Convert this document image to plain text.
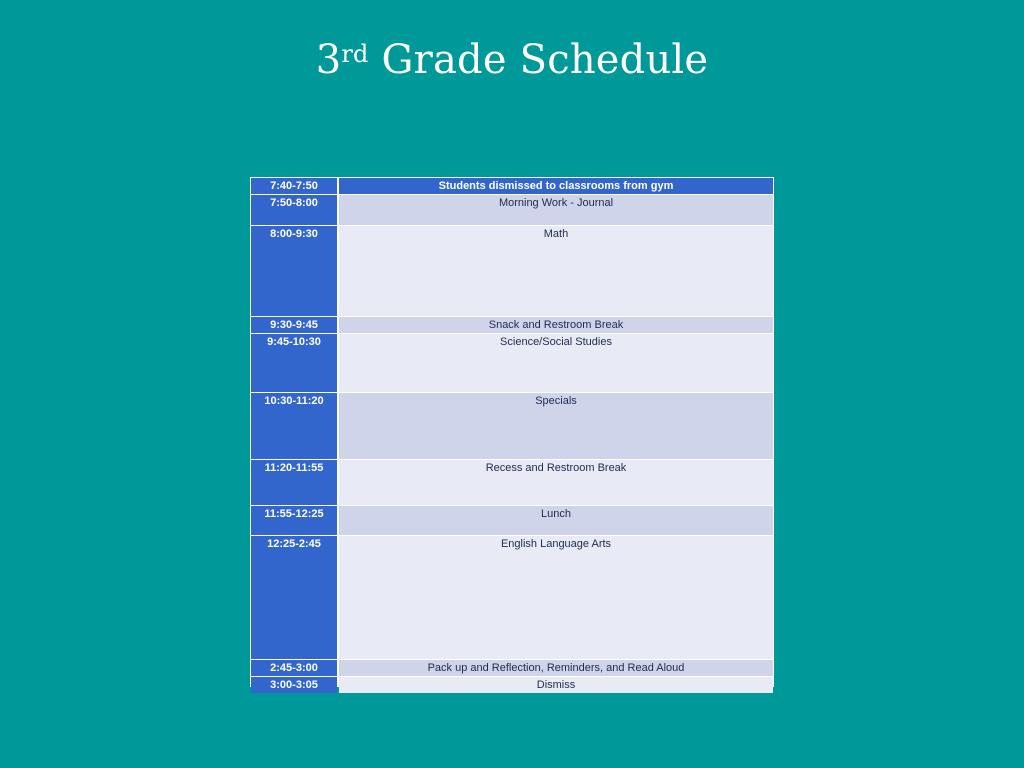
3rd Grade Schedule
7:40-7:50	Students dismissed to classrooms from gym
7:50-8:00	Morning Work - Journal
8:00-9:30	Math
9:30-9:45	Snack and Restroom Break
9:45-10:30	Science/Social Studies
10:30-11:20	Specials
11:20-11:55	Recess and Restroom Break
11:55-12:25	Lunch
12:25-2:45	English Language Arts
2:45-3:00	Pack up and Reflection, Reminders, and Read Aloud
3:00-3:05	Dismiss
